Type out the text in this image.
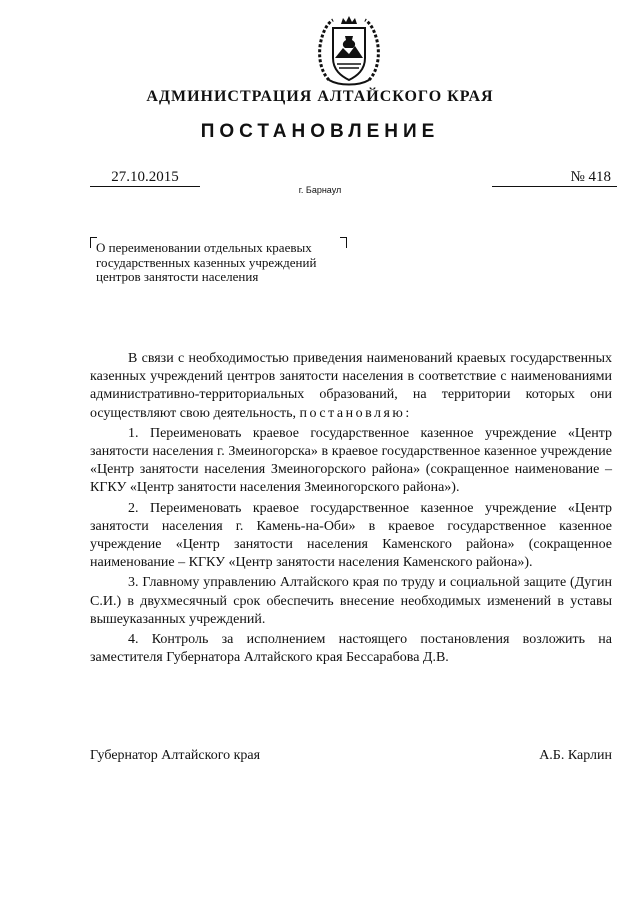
АДМИНИСТРАЦИЯ АЛТАЙСКОГО КРАЯ
ПОСТАНОВЛЕНИЕ
27.10.2015	№ 418
г. Барнаул
О переименовании отдельных краевых государственных казенных учреждений центров занятости населения

В связи с необходимостью приведения наименований краевых государственных казенных учреждений центров занятости населения в соответствие с наименованиями административно-территориальных образований, на территории которых они осуществляют свою деятельность, постановляю:

1. Переименовать краевое государственное казенное учреждение «Центр занятости населения г. Змеиногорска» в краевое государственное казенное учреждение «Центр занятости населения Змеиногорского района» (сокращенное наименование – КГКУ «Центр занятости населения Змеиногорского района»).

2. Переименовать краевое государственное казенное учреждение «Центр занятости населения г. Камень-на-Оби» в краевое государственное казенное учреждение «Центр занятости населения Каменского района» (сокращенное наименование – КГКУ «Центр занятости населения Каменского района»).

3. Главному управлению Алтайского края по труду и социальной защите (Дугин С.И.) в двухмесячный срок обеспечить внесение необходимых изменений в уставы вышеуказанных учреждений.

4. Контроль за исполнением настоящего постановления возложить на заместителя Губернатора Алтайского края Бессарабова Д.В.

Губернатор Алтайского края	А.Б. Карлин
